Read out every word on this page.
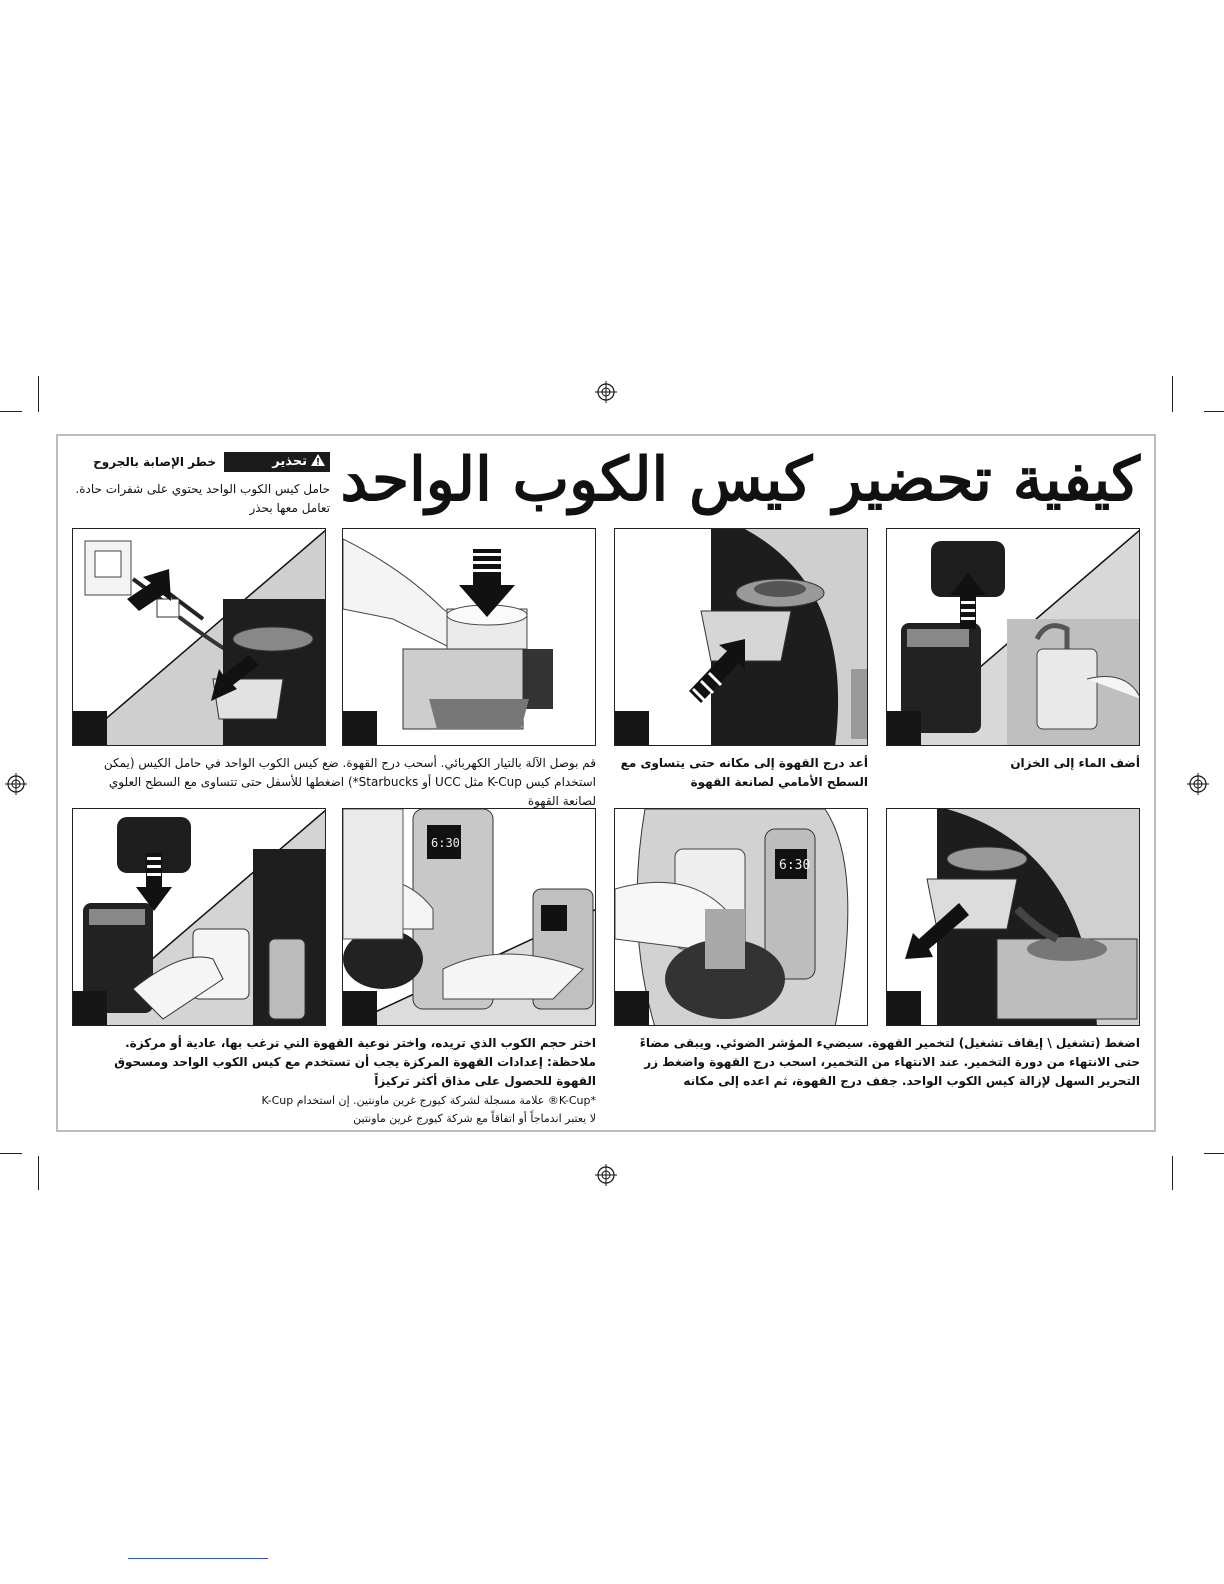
كيفية تحضير كيس الكوب الواحد
تحذير
خطر الإصابة بالجروح
حامل كيس الكوب الواحد يحتوي على شفرات حادة. تعامل معها بحذر
أضف الماء إلى الخزان
أعد درج القهوة إلى مكانه حتى يتساوى مع السطح الأمامي لصانعة القهوة
قم بوصل الآلة بالتيار الكهربائي. أسحب درج القهوة. ضع كيس الكوب الواحد في حامل الكيس (يمكن استخدام كيس K-Cup مثل UCC أو Starbucks*) اضغطها للأسفل حتى تتساوى مع السطح العلوي لصانعة القهوة
6:30
6:30
اضغط (تشغيل \ إيقاف تشغيل) لتخمير القهوة. سيضيء المؤشر الضوئي. ويبقى مضاءً حتى الانتهاء من دورة التخمير. عند الانتهاء من التخمير، اسحب درج القهوة واضغط زر التحرير السهل لإزالة كيس الكوب الواحد. جفف درج القهوة، ثم اعده إلى مكانه
اختر حجم الكوب الذي تريده، واختر نوعية القهوة التي ترغب بها، عادية أو مركزة.
ملاحظة: إعدادات القهوة المركزة يجب أن تستخدم مع كيس الكوب الواحد ومسحوق القهوة للحصول على مذاق أكثر تركيزاً
*K-Cup® علامة مسجلة لشركة كيورج غرين ماونتين. إن استخدام K-Cup
لا يعتبر اندماجاً أو اتفاقاً مع شركة كيورج غرين ماونتين
